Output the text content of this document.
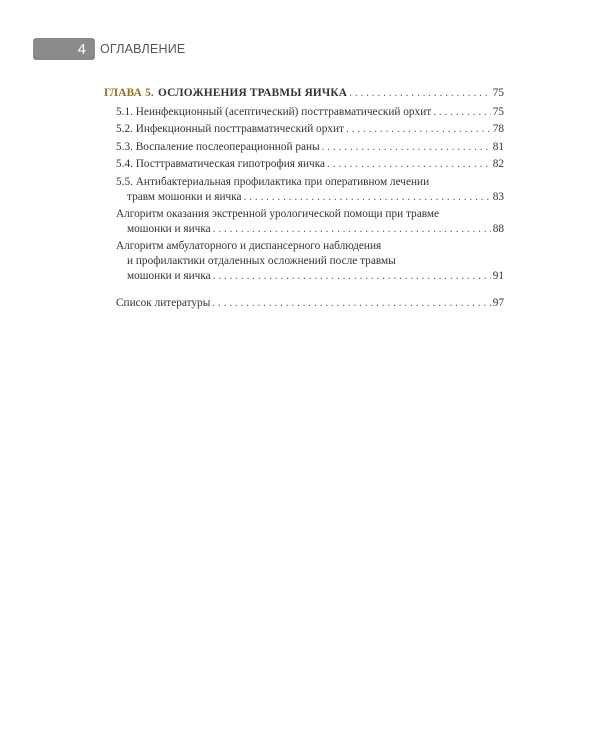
4 ОГЛАВЛЕНИЕ
ГЛАВА 5. ОСЛОЖНЕНИЯ ТРАВМЫ ЯИЧКА . . .	75
5.1. Неинфекционный (асептический) посттравматический орхит . . .	75
5.2. Инфекционный посттравматический орхит . . .	78
5.3. Воспаление послеоперационной раны . . .	81
5.4. Посттравматическая гипотрофия яичка . . .	82
5.5. Антибактериальная профилактика при оперативном лечении
травм мошонки и яичка . . .	83
Алгоритм оказания экстренной урологической помощи при травме
мошонки и яичка . . .	88
Алгоритм амбулаторного и диспансерного наблюдения
и профилактики отдаленных осложнений после травмы
мошонки и яичка . . .	91
Список литературы . . .	97
